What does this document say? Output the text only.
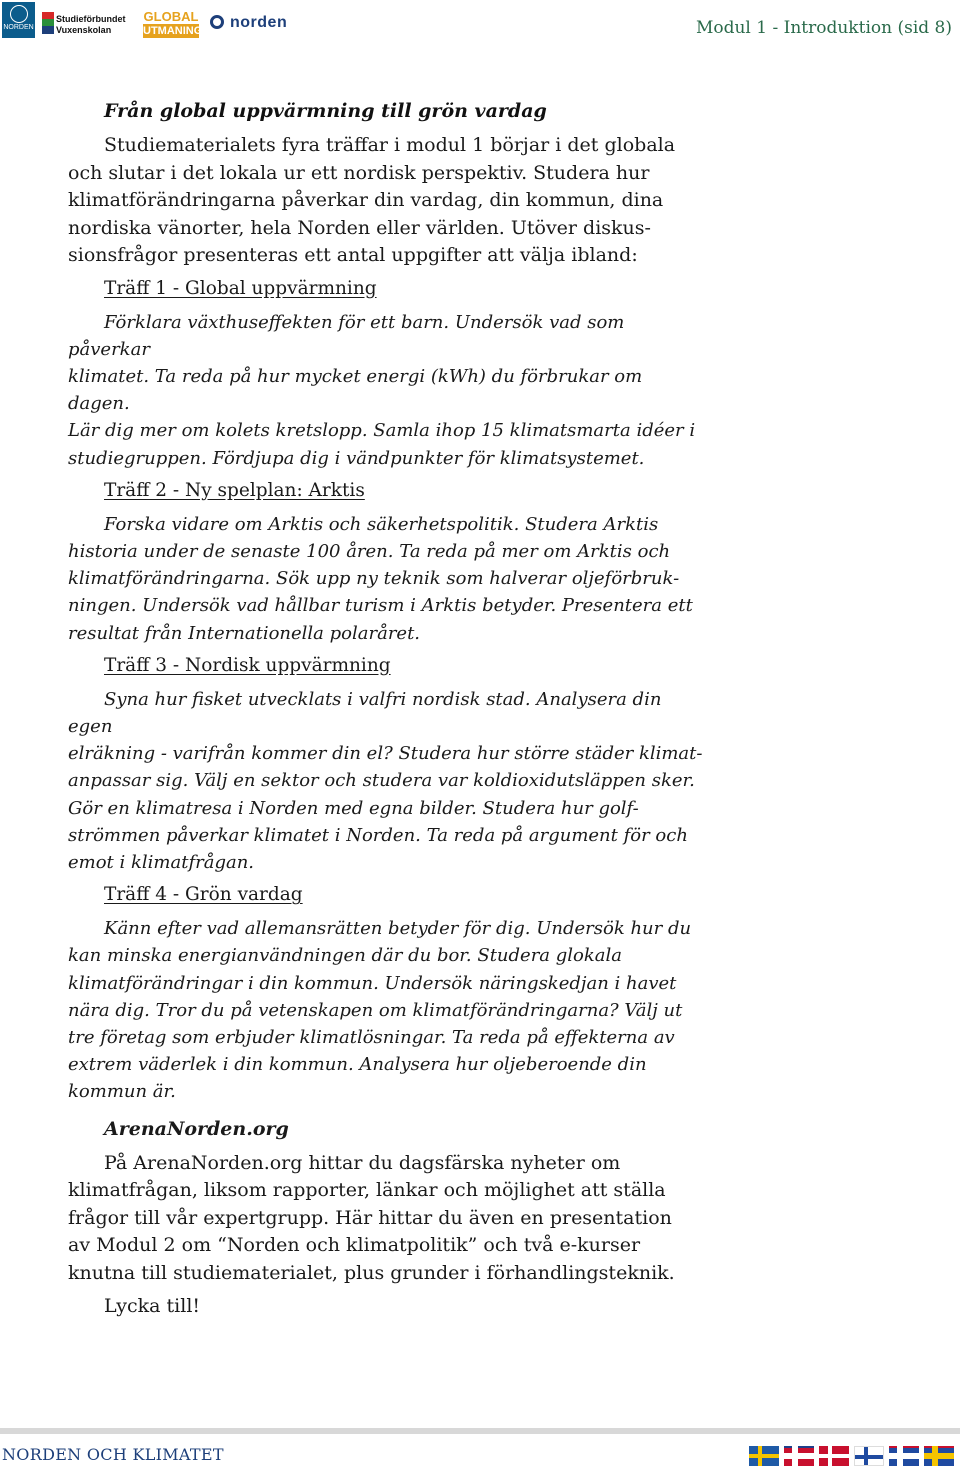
NORDEN
Studieförbundet
Vuxenskolan
GLOBAL
UTMANING	norden	Modul 1 - Introduktion (sid 8)
Från global uppvärmning till grön vardag

Studiematerialets fyra träffar i modul 1 börjar i det globala
och slutar i det lokala ur ett nordisk perspektiv. Studera hur
klimatförändringarna påverkar din vardag, din kommun, dina
nordiska vänorter, hela Norden eller världen. Utöver diskus-
sionsfrågor presenteras ett antal uppgifter att välja ibland:

Träff 1 - Global uppvärmning

Förklara växthuseffekten för ett barn. Undersök vad som påverkar
klimatet. Ta reda på hur mycket energi (kWh) du förbrukar om dagen.
Lär dig mer om kolets kretslopp. Samla ihop 15 klimatsmarta idéer i
studiegruppen. Fördjupa dig i vändpunkter för klimatsystemet.

Träff 2 - Ny spelplan: Arktis

Forska vidare om Arktis och säkerhetspolitik. Studera Arktis
historia under de senaste 100 åren. Ta reda på mer om Arktis och
klimatförändringarna. Sök upp ny teknik som halverar oljeförbruk-
ningen. Undersök vad hållbar turism i Arktis betyder. Presentera ett
resultat från Internationella polaråret.

Träff 3 - Nordisk uppvärmning

Syna hur fisket utvecklats i valfri nordisk stad. Analysera din egen
elräkning - varifrån kommer din el? Studera hur större städer klimat-
anpassar sig. Välj en sektor och studera var koldioxidutsläppen sker.
Gör en klimatresa i Norden med egna bilder. Studera hur golf-
strömmen påverkar klimatet i Norden. Ta reda på argument för och
emot i klimatfrågan.

Träff 4 - Grön vardag

Känn efter vad allemansrätten betyder för dig. Undersök hur du
kan minska energianvändningen där du bor. Studera glokala
klimatförändringar i din kommun. Undersök näringskedjan i havet
nära dig. Tror du på vetenskapen om klimatförändringarna? Välj ut
tre företag som erbjuder klimatlösningar. Ta reda på effekterna av
extrem väderlek i din kommun. Analysera hur oljeberoende din
kommun är.

ArenaNorden.org

På ArenaNorden.org hittar du dagsfärska nyheter om
klimatfrågan, liksom rapporter, länkar och möjlighet att ställa
frågor till vår expertgrupp. Här hittar du även en presentation
av Modul 2 om “Norden och klimatpolitik” och två e-kurser
knutna till studiematerialet, plus grunder i förhandlingsteknik.

Lycka till!
NORDEN OCH KLIMATET
